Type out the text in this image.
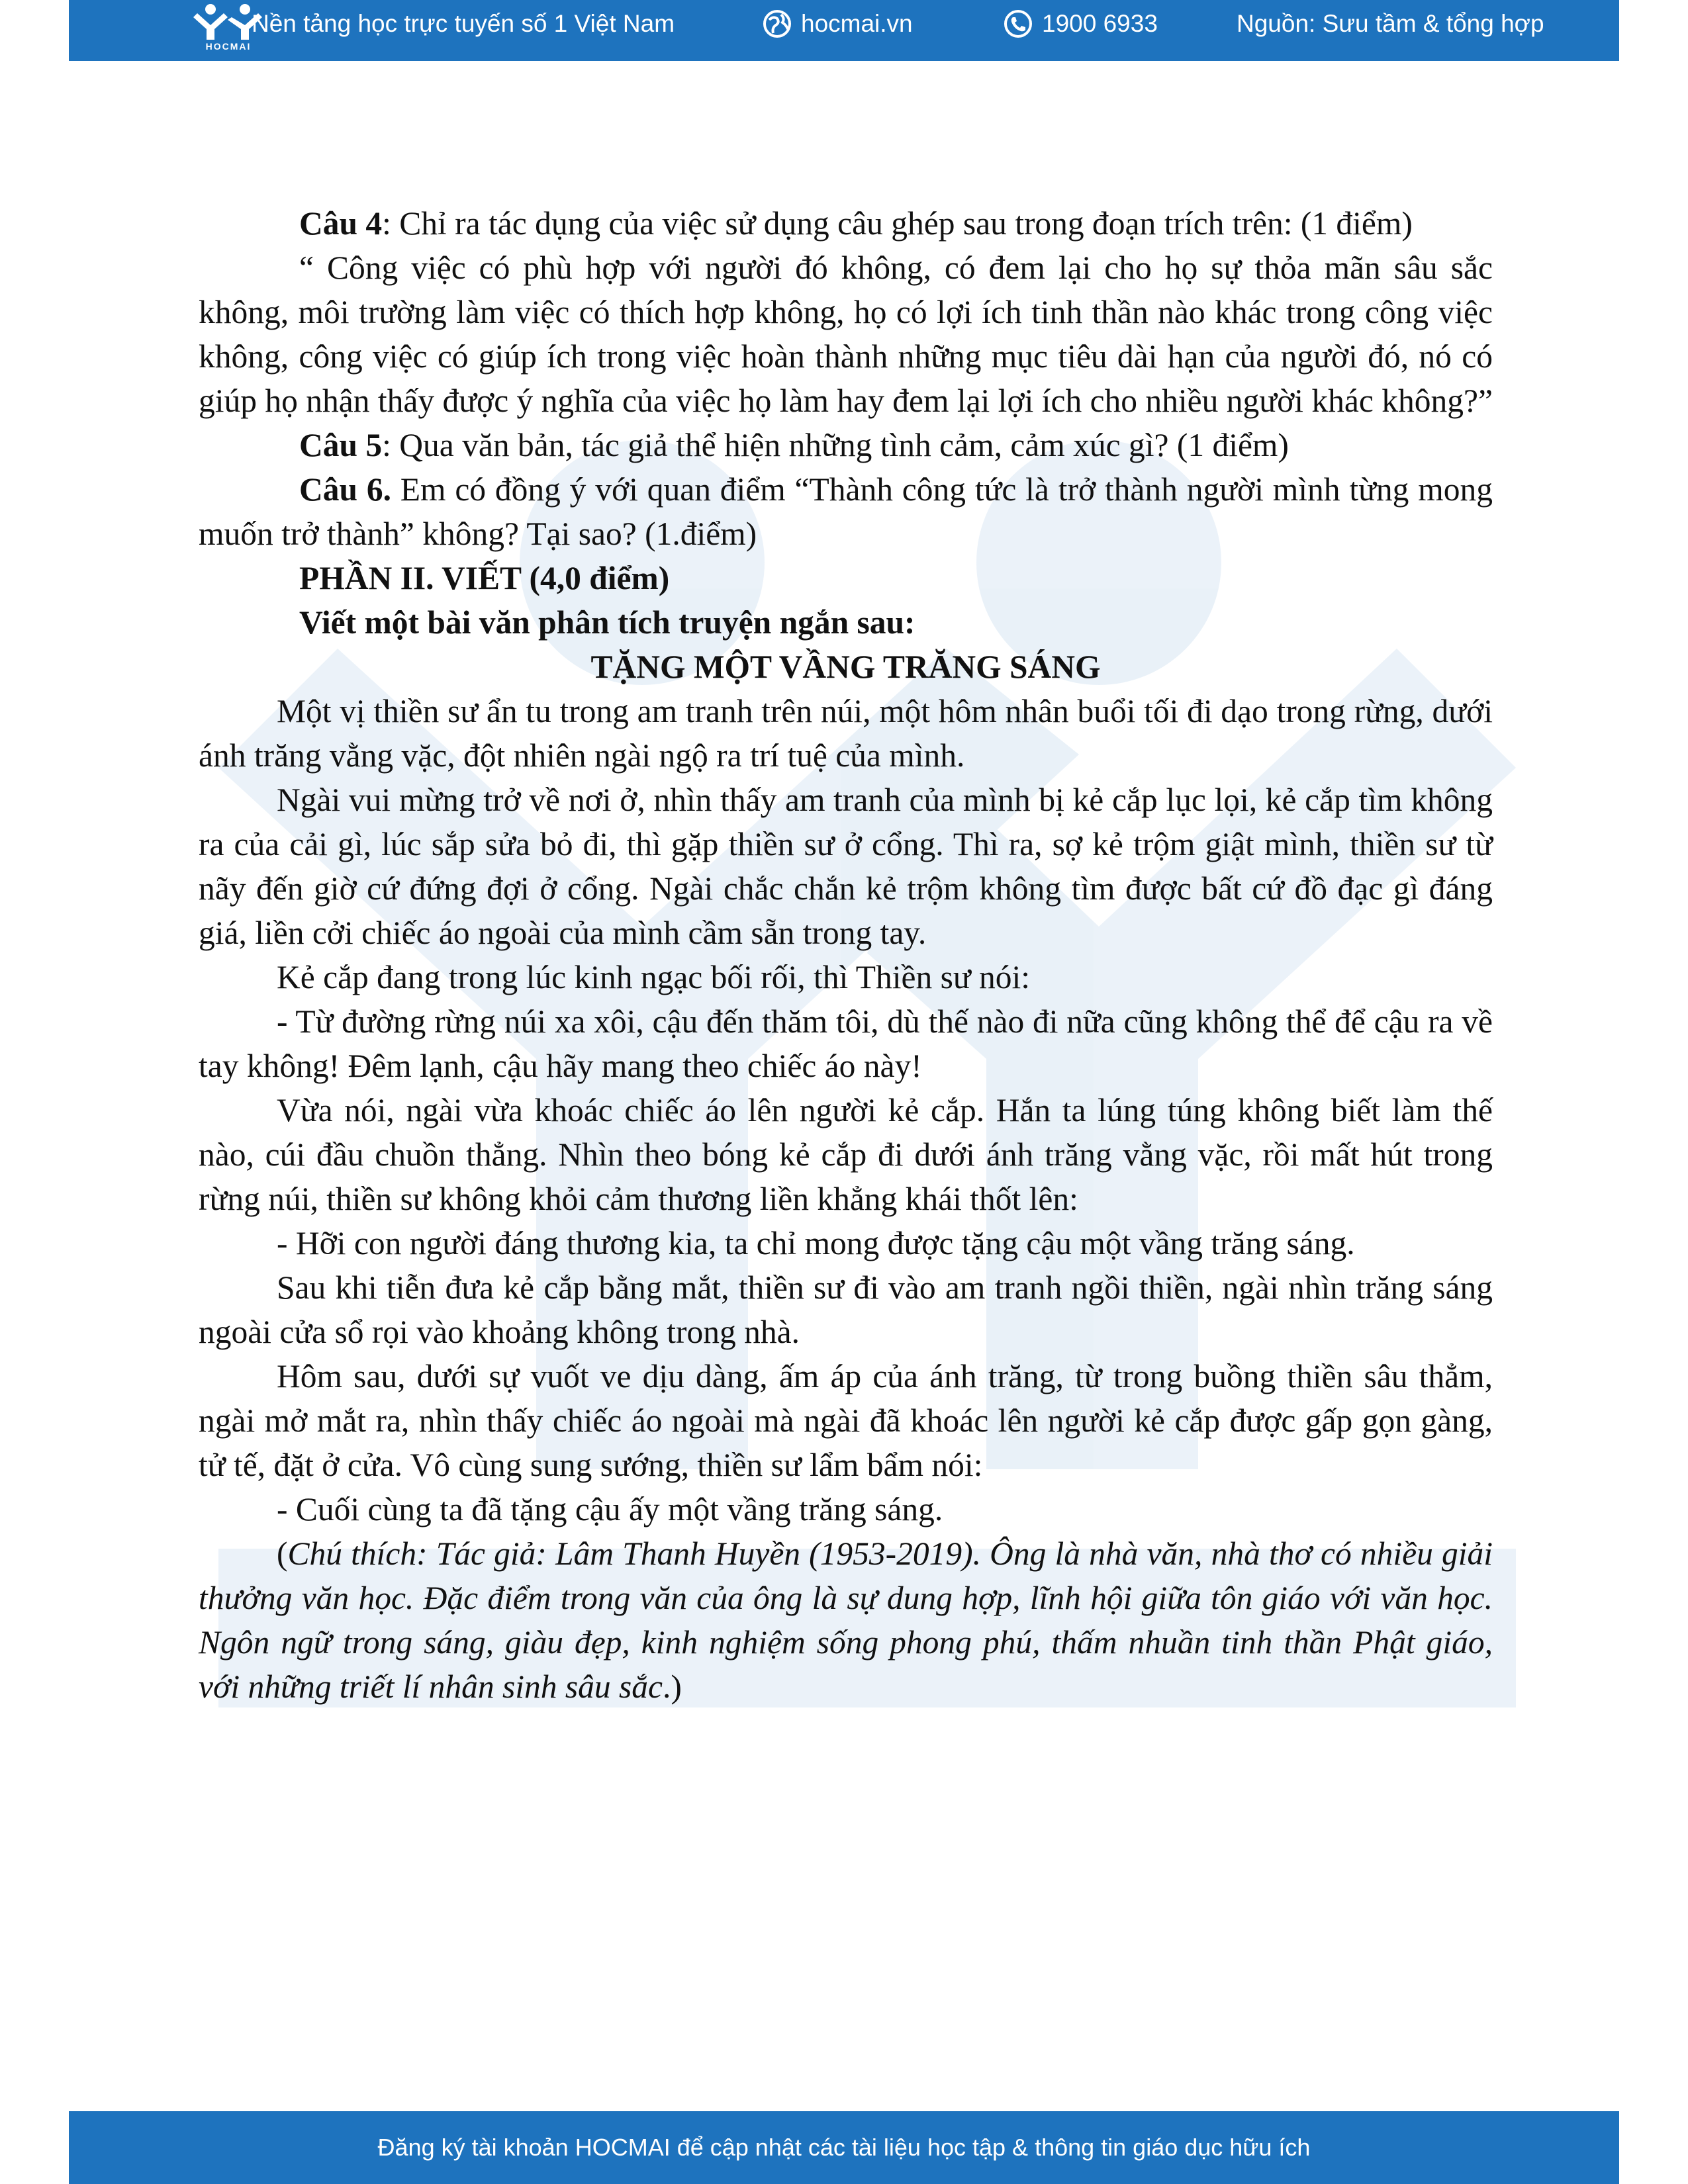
HOCMAI
Nền tảng học trực tuyến số 1 Việt Nam	hocmai.vn	1900 6933	Nguồn: Sưu tầm & tổng hợp

Câu 4: Chỉ ra tác dụng của việc sử dụng câu ghép sau trong đoạn trích trên: (1 điểm)

“ Công việc có phù hợp với người đó không, có đem lại cho họ sự thỏa mãn sâu sắc không, môi trường làm việc có thích hợp không, họ có lợi ích tinh thần nào khác trong công việc không, công việc có giúp ích trong việc hoàn thành những mục tiêu dài hạn của người đó, nó có giúp họ nhận thấy được ý nghĩa của việc họ làm hay đem lại lợi ích cho nhiều người khác không?”

Câu 5: Qua văn bản, tác giả thể hiện những tình cảm, cảm xúc gì? (1 điểm)

Câu 6. Em có đồng ý với quan điểm “Thành công tức là trở thành người mình từng mong muốn trở thành” không? Tại sao? (1.điểm)

PHẦN II. VIẾT (4,0 điểm)

Viết một bài văn phân tích truyện ngắn sau:

TẶNG MỘT VẦNG TRĂNG SÁNG

Một vị thiền sư ẩn tu trong am tranh trên núi, một hôm nhân buổi tối đi dạo trong rừng, dưới ánh trăng vằng vặc, đột nhiên ngài ngộ ra trí tuệ của mình.

Ngài vui mừng trở về nơi ở, nhìn thấy am tranh của mình bị kẻ cắp lục lọi, kẻ cắp tìm không ra của cải gì, lúc sắp sửa bỏ đi, thì gặp thiền sư ở cổng. Thì ra, sợ kẻ trộm giật mình, thiền sư từ nãy đến giờ cứ đứng đợi ở cổng. Ngài chắc chắn kẻ trộm không tìm được bất cứ đồ đạc gì đáng giá, liền cởi chiếc áo ngoài của mình cầm sẵn trong tay.

Kẻ cắp đang trong lúc kinh ngạc bối rối, thì Thiền sư nói:

- Từ đường rừng núi xa xôi, cậu đến thăm tôi, dù thế nào đi nữa cũng không thể để cậu ra về tay không! Đêm lạnh, cậu hãy mang theo chiếc áo này!

Vừa nói, ngài vừa khoác chiếc áo lên người kẻ cắp. Hắn ta lúng túng không biết làm thế nào, cúi đầu chuồn thẳng. Nhìn theo bóng kẻ cắp đi dưới ánh trăng vằng vặc, rồi mất hút trong rừng núi, thiền sư không khỏi cảm thương liền khẳng khái thốt lên:

- Hỡi con người đáng thương kia, ta chỉ mong được tặng cậu một vầng trăng sáng.

Sau khi tiễn đưa kẻ cắp bằng mắt, thiền sư đi vào am tranh ngồi thiền, ngài nhìn trăng sáng ngoài cửa sổ rọi vào khoảng không trong nhà.

Hôm sau, dưới sự vuốt ve dịu dàng, ấm áp của ánh trăng, từ trong buồng thiền sâu thẳm, ngài mở mắt ra, nhìn thấy chiếc áo ngoài mà ngài đã khoác lên người kẻ cắp được gấp gọn gàng, tử tế, đặt ở cửa. Vô cùng sung sướng, thiền sư lẩm bẩm nói:

- Cuối cùng ta đã tặng cậu ấy một vầng trăng sáng.

(Chú thích: Tác giả: Lâm Thanh Huyền (1953-2019). Ông là nhà văn, nhà thơ có nhiều giải thưởng văn học. Đặc điểm trong văn của ông là sự dung hợp, lĩnh hội giữa tôn giáo với văn học. Ngôn ngữ trong sáng, giàu đẹp, kinh nghiệm sống phong phú, thấm nhuần tinh thần Phật giáo, với những triết lí nhân sinh sâu sắc.)

Đăng ký tài khoản HOCMAI để cập nhật các tài liệu học tập & thông tin giáo dục hữu ích
